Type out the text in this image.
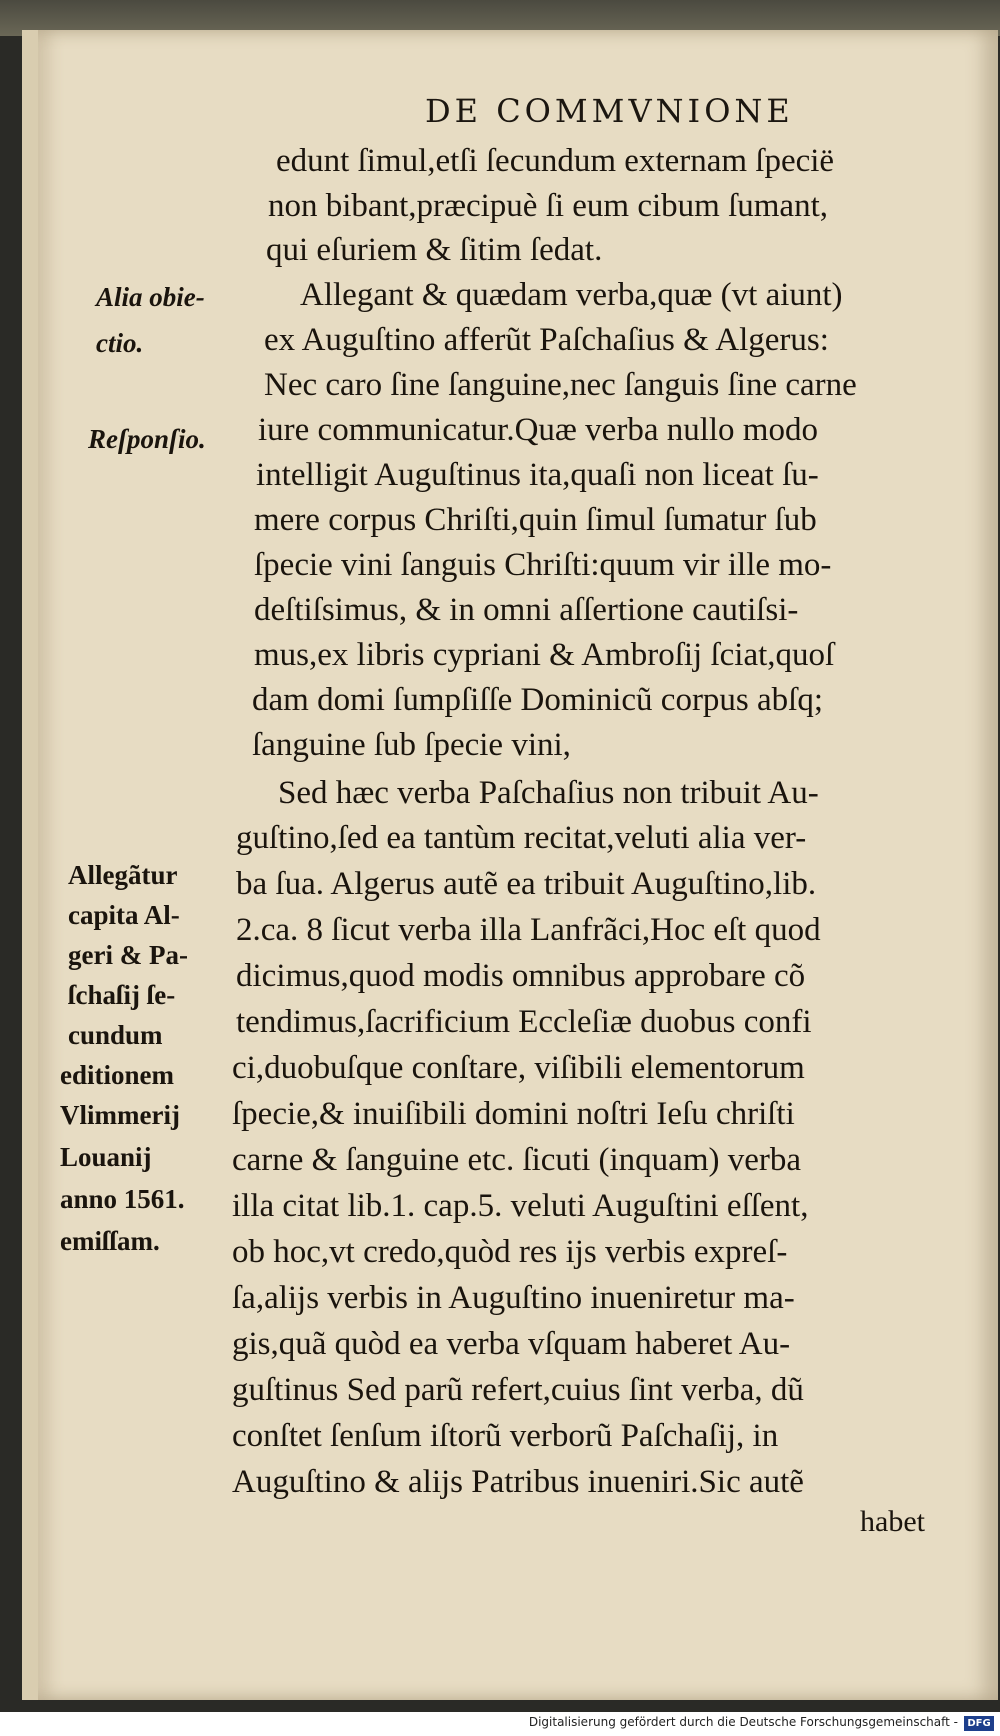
DE COMMVNIONE
edunt ſimul,etſi ſecundum externam ſpecië
non bibant,præcipuè ſi eum cibum ſumant,
qui eſuriem & ſitim ſedat.
Allegant & quædam verba,quæ (vt aiunt)
ex Auguſtino afferũt Paſchaſius & Algerus:
Nec caro ſine ſanguine,nec ſanguis ſine carne
iure communicatur.Quæ verba nullo modo
intelligit Auguſtinus ita,quaſi non liceat ſu-
mere corpus Chriſti,quin ſimul ſumatur ſub
ſpecie vini ſanguis Chriſti:quum vir ille mo-
deſtiſsimus, & in omni aſſertione cautiſsi-
mus,ex libris cypriani & Ambroſij ſciat,quoſ
dam domi ſumpſiſſe Dominicũ corpus abſq;
ſanguine ſub ſpecie vini,
Sed hæc verba Paſchaſius non tribuit Au-
guſtino,ſed ea tantùm recitat,veluti alia ver-
ba ſua. Algerus autẽ ea tribuit Auguſtino,lib.
2.ca. 8 ſicut verba illa Lanfrãci,Hoc eſt quod
dicimus,quod modis omnibus approbare cõ
tendimus,ſacrificium Eccleſiæ duobus confi
ci,duobuſque conſtare, viſibili elementorum
ſpecie,& inuiſibili domini noſtri Ieſu chriſti
carne & ſanguine etc. ſicuti (inquam) verba
illa citat lib.1. cap.5. veluti Auguſtini eſſent,
ob hoc,vt credo,quòd res ijs verbis expreſ-
ſa,alijs verbis in Auguſtino inueniretur ma-
gis,quã quòd ea verba vſquam haberet Au-
guſtinus Sed parũ refert,cuius ſint verba, dũ
conſtet ſenſum iſtorũ verborũ Paſchaſij, in
Auguſtino & alijs Patribus inueniri.Sic autẽ
habet
Alia obie-
ctio.
Reſponſio.
Allegãtur
capita Al-
geri & Pa-
ſchaſij ſe-
cundum
editionem
Vlimmerij
Louanij
anno 1561.
emiſſam.
Digitalisierung gefördert durch die Deutsche Forschungsgemeinschaft - DFG
